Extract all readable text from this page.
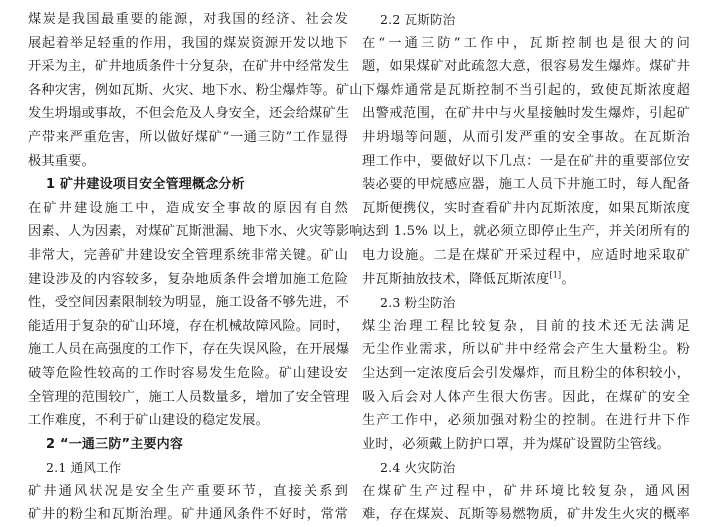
煤炭是我国最重要的能源，对我国的经济、社会发
展起着举足轻重的作用，我国的煤炭资源开发以地下
开采为主，矿井地质条件十分复杂，在矿井中经常发生
各种灾害，例如瓦斯、火灾、地下水、粉尘爆炸等。矿山
发生坍塌或事故，不但会危及人身安全，还会给煤矿生
产带来严重危害，所以做好煤矿“一通三防”工作显得
极其重要。
1 矿井建设项目安全管理概念分析
在矿井建设施工中，造成安全事故的原因有自然
因素、人为因素，对煤矿瓦斯泄漏、地下水、火灾等影响
非常大，完善矿井建设安全管理系统非常关键。矿山
建设涉及的内容较多，复杂地质条件会增加施工危险
性，受空间因素限制较为明显，施工设备不够先进，不
能适用于复杂的矿山环境，存在机械故障风险。同时，
施工人员在高强度的工作下，存在失误风险，在开展爆
破等危险性较高的工作时容易发生危险。矿山建设安
全管理的范围较广，施工人员数量多，增加了安全管理
工作难度，不利于矿山建设的稳定发展。
2 “一通三防”主要内容
2.1 通风工作
矿井通风状况是安全生产重要环节，直接关系到
矿井的粉尘和瓦斯治理。矿井通风条件不好时，常常
2.2 瓦斯防治
在“一通三防”工作中，瓦斯控制也是很大的问
题，如果煤矿对此疏忽大意，很容易发生爆炸。煤矿井
下爆炸通常是瓦斯控制不当引起的，致使瓦斯浓度超
出警戒范围，在矿井中与火星接触时发生爆炸，引起矿
井坍塌等问题，从而引发严重的安全事故。在瓦斯治
理工作中，要做好以下几点：一是在矿井的重要部位安
装必要的甲烷感应器，施工人员下井施工时，每人配备
瓦斯便携仪，实时查看矿井内瓦斯浓度，如果瓦斯浓度
达到 1.5% 以上，就必须立即停止生产，并关闭所有的
电力设施。二是在煤矿开采过程中，应适时地采取矿
井瓦斯抽放技术，降低瓦斯浓度[1]。
2.3 粉尘防治
煤尘治理工程比较复杂，目前的技术还无法满足
无尘作业需求，所以矿井中经常会产生大量粉尘。粉
尘达到一定浓度后会引发爆炸，而且粉尘的体积较小，
吸入后会对人体产生很大伤害。因此，在煤矿的安全
生产工作中，必须加强对粉尘的控制。在进行井下作
业时，必须戴上防护口罩，并为煤矿设置防尘管线。
2.4 火灾防治
在煤矿生产过程中，矿井环境比较复杂，通风困
难，存在煤炭、瓦斯等易燃物质，矿井发生火灾的概率
